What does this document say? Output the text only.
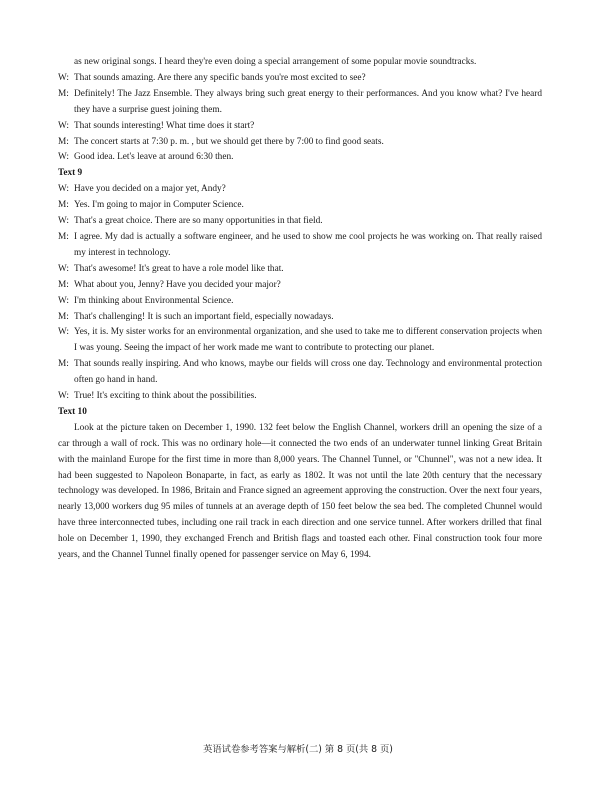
as new original songs. I heard they're even doing a special arrangement of some popular movie soundtracks.
W: That sounds amazing. Are there any specific bands you're most excited to see?
M: Definitely! The Jazz Ensemble. They always bring such great energy to their performances. And you know what? I've heard they have a surprise guest joining them.
W: That sounds interesting! What time does it start?
M: The concert starts at 7:30 p. m. , but we should get there by 7:00 to find good seats.
W: Good idea. Let's leave at around 6:30 then.
Text 9
W: Have you decided on a major yet, Andy?
M: Yes. I'm going to major in Computer Science.
W: That's a great choice. There are so many opportunities in that field.
M: I agree. My dad is actually a software engineer, and he used to show me cool projects he was working on. That really raised my interest in technology.
W: That's awesome! It's great to have a role model like that.
M: What about you, Jenny? Have you decided your major?
W: I'm thinking about Environmental Science.
M: That's challenging! It is such an important field, especially nowadays.
W: Yes, it is. My sister works for an environmental organization, and she used to take me to different conservation projects when I was young. Seeing the impact of her work made me want to contribute to protecting our planet.
M: That sounds really inspiring. And who knows, maybe our fields will cross one day. Technology and environmental protection often go hand in hand.
W: True! It's exciting to think about the possibilities.
Text 10
Look at the picture taken on December 1, 1990. 132 feet below the English Channel, workers drill an opening the size of a car through a wall of rock. This was no ordinary hole—it connected the two ends of an underwater tunnel linking Great Britain with the mainland Europe for the first time in more than 8,000 years. The Channel Tunnel, or "Chunnel", was not a new idea. It had been suggested to Napoleon Bonaparte, in fact, as early as 1802. It was not until the late 20th century that the necessary technology was developed. In 1986, Britain and France signed an agreement approving the construction. Over the next four years, nearly 13,000 workers dug 95 miles of tunnels at an average depth of 150 feet below the sea bed. The completed Chunnel would have three interconnected tubes, including one rail track in each direction and one service tunnel. After workers drilled that final hole on December 1, 1990, they exchanged French and British flags and toasted each other. Final construction took four more years, and the Channel Tunnel finally opened for passenger service on May 6, 1994.
英语试卷参考答案与解析(二) 第 8 页(共 8 页)
